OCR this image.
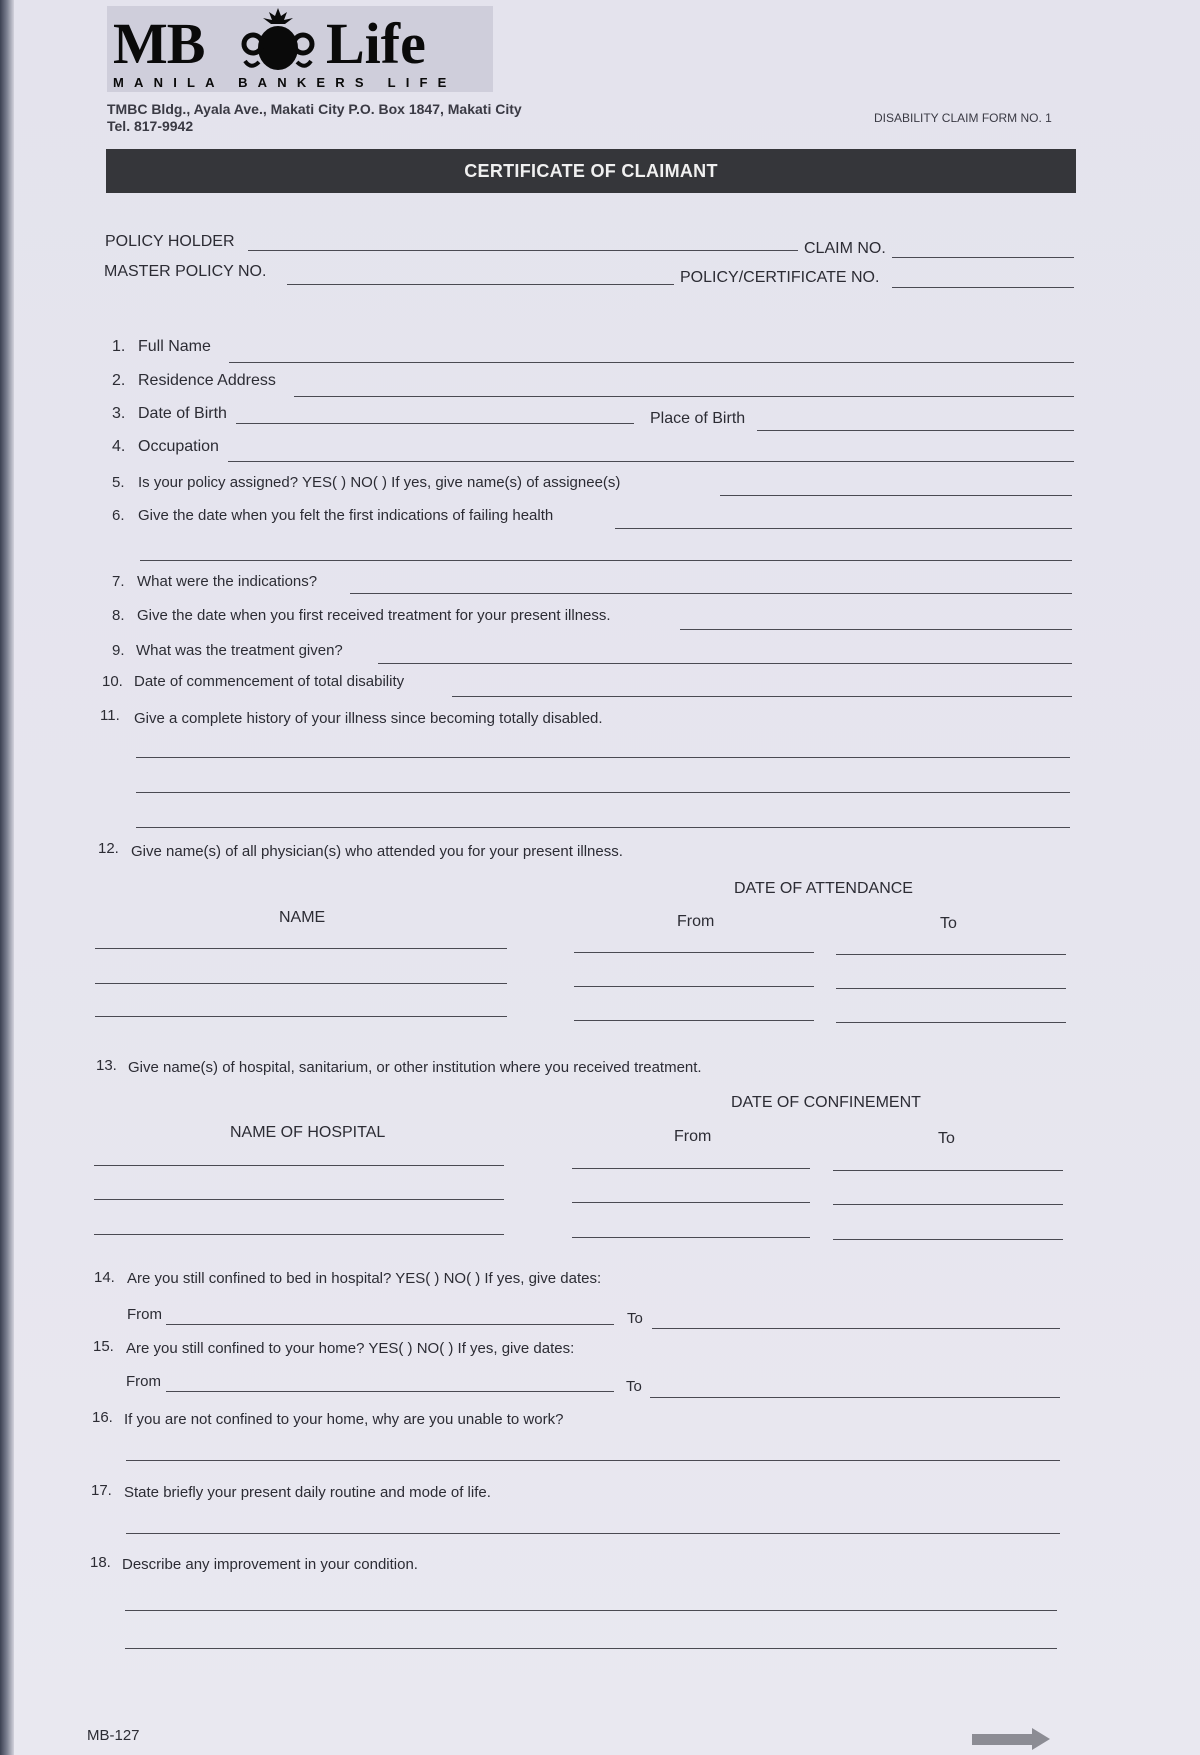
MB Life
MANILA BANKERS LIFE
TMBC Bldg., Ayala Ave., Makati City P.O. Box 1847, Makati City
Tel. 817-9942	DISABILITY CLAIM FORM NO. 1
CERTIFICATE OF CLAIMANT
POLICY HOLDER	CLAIM NO.
MASTER POLICY NO.	POLICY/CERTIFICATE NO.
1. Full Name
2. Residence Address
3. Date of Birth	Place of Birth
4. Occupation
5. Is your policy assigned? YES( ) NO( ) If yes, give name(s) of assignee(s)
6. Give the date when you felt the first indications of failing health
7. What were the indications?
8. Give the date when you first received treatment for your present illness.
9. What was the treatment given?
10. Date of commencement of total disability
11. Give a complete history of your illness since becoming totally disabled.
12. Give name(s) of all physician(s) who attended you for your present illness.
DATE OF ATTENDANCE
NAME	From	To
13. Give name(s) of hospital, sanitarium, or other institution where you received treatment.
DATE OF CONFINEMENT
NAME OF HOSPITAL	From	To
14. Are you still confined to bed in hospital? YES( ) NO( ) If yes, give dates:
From	To
15. Are you still confined to your home? YES( ) NO( ) If yes, give dates:
From	To
16. If you are not confined to your home, why are you unable to work?
17. State briefly your present daily routine and mode of life.
18. Describe any improvement in your condition.
MB-127
